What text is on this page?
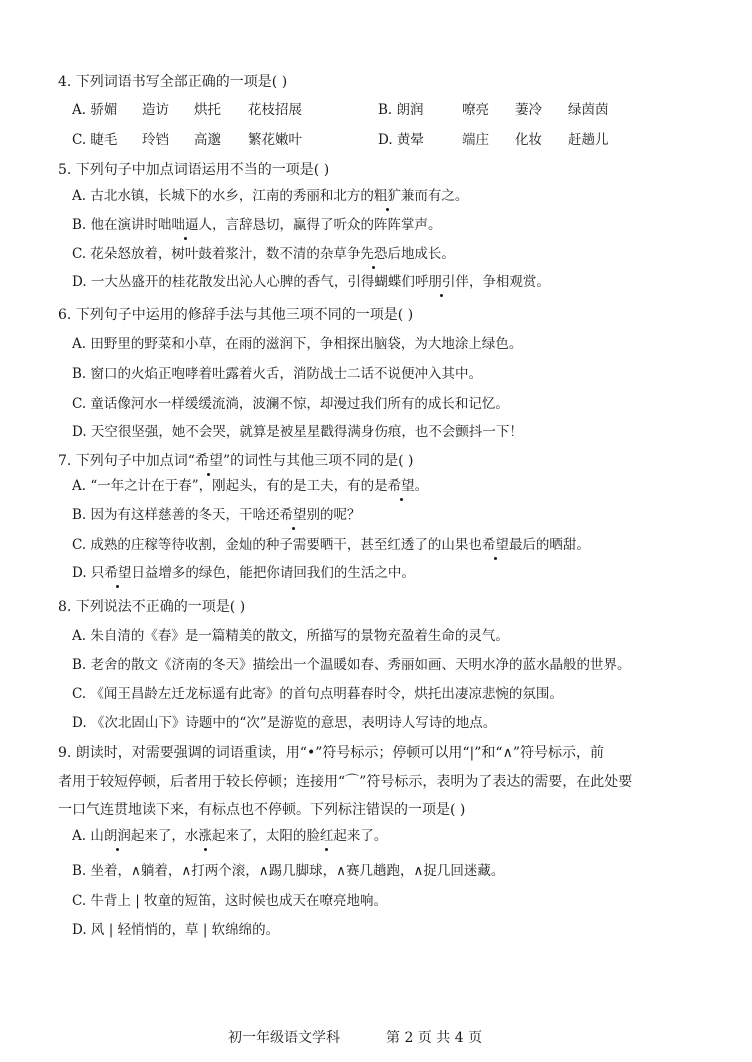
4. 下列词语书写全部正确的一项是( )
A. 骄媚 造访 烘托 花枝招展	B. 朗润	嘹亮 萋冷 绿茵茵
C. 睫毛 玲铛 高邈 繁花嫩叶	D. 黄晕	端庄 化妆 赶趟儿
5. 下列句子中加点词语运用不当的一项是( )
A. 古北水镇，长城下的水乡，江南的秀丽和北方的粗犷兼而有之。
B. 他在演讲时咄咄逼人，言辞恳切，赢得了听众的阵阵掌声。
C. 花朵怒放着，树叶鼓着浆汁，数不清的杂草争先恐后地成长。
D. 一大丛盛开的桂花散发出沁人心脾的香气，引得蝴蝶们呼朋引伴，争相观赏。
6. 下列句子中运用的修辞手法与其他三项不同的一项是( )
A. 田野里的野菜和小草，在雨的滋润下，争相探出脑袋，为大地涂上绿色。
B. 窗口的火焰正咆哮着吐露着火舌，消防战士二话不说便冲入其中。
C. 童话像河水一样缓缓流淌，波澜不惊，却漫过我们所有的成长和记忆。
D. 天空很坚强，她不会哭，就算是被星星戳得满身伤痕，也不会颤抖一下！
7. 下列句子中加点词“希望”的词性与其他三项不同的是( )
A. “一年之计在于春”，刚起头，有的是工夫，有的是希望。
B. 因为有这样慈善的冬天，干啥还希望别的呢？
C. 成熟的庄稼等待收割，金灿的种子需要晒干，甚至红透了的山果也希望最后的晒甜。
D. 只希望日益增多的绿色，能把你请回我们的生活之中。
8. 下列说法不正确的一项是( )
A. 朱自清的《春》是一篇精美的散文，所描写的景物充盈着生命的灵气。
B. 老舍的散文《济南的冬天》描绘出一个温暖如春、秀丽如画、天明水净的蓝水晶般的世界。
C. 《闻王昌龄左迁龙标遥有此寄》的首句点明暮春时令，烘托出凄凉悲惋的氛围。
D. 《次北固山下》诗题中的“次”是游览的意思，表明诗人写诗的地点。
9. 朗读时，对需要强调的词语重读，用“•”符号标示；停顿可以用“|”和“∧”符号标示，前
者用于较短停顿，后者用于较长停顿；连接用“⌒”符号标示，表明为了表达的需要，在此处要
一口气连贯地读下来，有标点也不停顿。下列标注错误的一项是( )
A. 山朗润起来了，水涨起来了，太阳的脸红起来了。
B. 坐着，∧躺着，∧打两个滚，∧踢几脚球，∧赛几趟跑，∧捉几回迷藏。
C. 牛背上 | 牧童的短笛，这时候也成天在嘹亮地响。
D. 风 | 轻悄悄的，草 | 软绵绵的。
初一年级语文学科	第 2 页 共 4 页
